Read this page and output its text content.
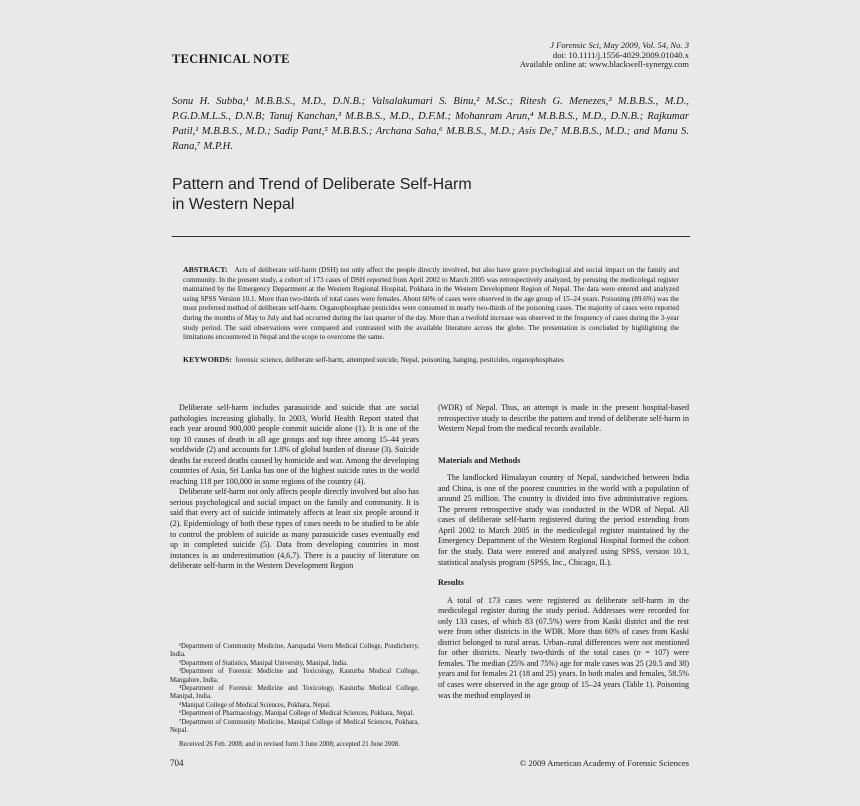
TECHNICAL NOTE
J Forensic Sci, May 2009, Vol. 54, No. 3
doi: 10.1111/j.1556-4029.2009.01040.x
Available online at: www.blackwell-synergy.com
Sonu H. Subba,¹ M.B.B.S., M.D., D.N.B.; Valsalakumari S. Binu,² M.Sc.; Ritesh G. Menezes,³ M.B.B.S., M.D., P.G.D.M.L.S., D.N.B; Tanuj Kanchan,³ M.B.B.S., M.D., D.F.M.; Mohanram Arun,⁴ M.B.B.S., M.D., D.N.B.; Rajkumar Patil,¹ M.B.B.S., M.D.; Sadip Pant,⁵ M.B.B.S.; Archana Saha,⁶ M.B.B.S., M.D.; Asis De,⁷ M.B.B.S., M.D.; and Manu S. Rana,⁷ M.P.H.
Pattern and Trend of Deliberate Self-Harm
in Western Nepal
ABSTRACT: Acts of deliberate self-harm (DSH) not only affect the people directly involved, but also have grave psychological and social impact on the family and community. In the present study, a cohort of 173 cases of DSH reported from April 2002 to March 2005 was retrospectively analyzed, by perusing the medicolegal register maintained by the Emergency Department at the Western Regional Hospital, Pokhara in the Western Development Region of Nepal. The data were entered and analyzed using SPSS Version 10.1. More than two-thirds of total cases were females. About 60% of cases were observed in the age group of 15–24 years. Poisoning (89.6%) was the most preferred method of deliberate self-harm. Organophosphate pesticides were consumed in nearly two-thirds of the poisoning cases. The majority of cases were reported during the months of May to July and had occurred during the last quarter of the day. More than a twofold increase was observed in the frequency of cases during the 3-year study period. The said observations were compared and contrasted with the available literature across the globe. The presentation is concluded by highlighting the limitations encountered in Nepal and the scope to overcome the same.
KEYWORDS: forensic science, deliberate self-harm, attempted suicide, Nepal, poisoning, hanging, pesticides, organophosphates

Deliberate self-harm includes parasuicide and suicide that are social pathologies increasing globally. In 2003, World Health Report stated that each year around 900,000 people commit suicide alone (1). It is one of the top 10 causes of death in all age groups and top three among 15–44 years worldwide (2) and accounts for 1.8% of global burden of disease (3). Suicide deaths far exceed deaths caused by homicide and war. Among the developing countries of Asia, Sri Lanka has one of the highest suicide rates in the world reaching 118 per 100,000 in some regions of the country (4).

Deliberate self-harm not only affects people directly involved but also has serious psychological and social impact on the family and community. It is said that every act of suicide intimately affects at least six people around it (2). Epidemiology of both these types of cases needs to be studied to be able to control the problem of suicide as many parasuicide cases eventually end up in completed suicide (5). Data from developing countries in most instances is an underestimation (4,6,7). There is a paucity of literature on deliberate self-harm in the Western Development Region

(WDR) of Nepal. Thus, an attempt is made in the present hospital-based retrospective study to describe the pattern and trend of deliberate self-harm in Western Nepal from the medical records available.

Materials and Methods

The landlocked Himalayan country of Nepal, sandwiched between India and China, is one of the poorest countries in the world with a population of around 25 million. The country is divided into five administrative regions. The present retrospective study was conducted in the WDR of Nepal. All cases of deliberate self-harm registered during the period extending from April 2002 to March 2005 in the medicolegal register maintained by the Emergency Department of the Western Regional Hospital formed the cohort for the study. Data were entered and analyzed using SPSS, version 10.1, statistical analysis program (SPSS, Inc., Chicago, IL).

Results

A total of 173 cases were registered as deliberate self-harm in the medicolegal register during the study period. Addresses were recorded for only 133 cases, of which 83 (67.5%) were from Kaski district and the rest were from other districts in the WDR. More than 60% of cases from Kaski district belonged to rural areas. Urban–rural differences were not mentioned for other districts. Nearly two-thirds of the total cases (n = 107) were females. The median (25% and 75%) age for male cases was 25 (20.5 and 38) years and for females 21 (18 and 25) years. In both males and females, 58.5% of cases were observed in the age group of 15–24 years (Table 1). Poisoning was the method employed in

¹Department of Community Medicine, Aarupadai Veeru Medical College, Pondicherry, India.

²Department of Statistics, Manipal University, Manipal, India.

³Department of Forensic Medicine and Toxicology, Kasturba Medical College, Mangalore, India.

⁴Department of Forensic Medicine and Toxicology, Kasturba Medical College, Manipal, India.

⁵Manipal College of Medical Sciences, Pokhara, Nepal.

⁶Department of Pharmacology, Manipal College of Medical Sciences, Pokhara, Nepal.

⁷Department of Community Medicine, Manipal College of Medical Sciences, Pokhara, Nepal.

Received 26 Feb. 2008; and in revised form 3 June 2008; accepted 21 June 2008.

704	© 2009 American Academy of Forensic Sciences
